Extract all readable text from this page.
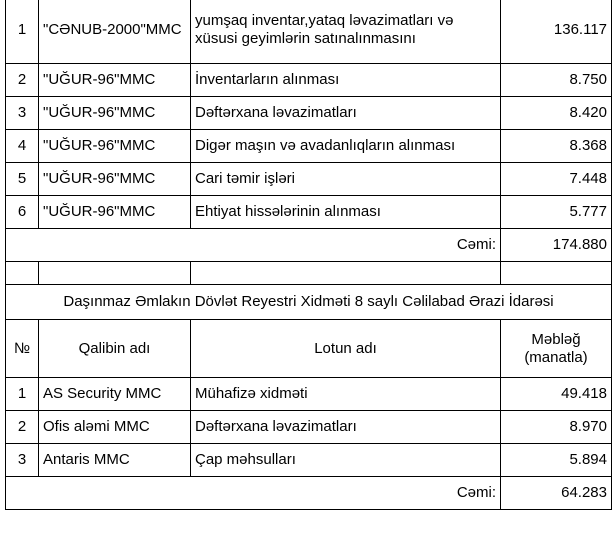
1	"CƏNUB-2000"MMC	yumşaq inventar,yataq ləvazimatları və xüsusi geyimlərin satınalınmasını	136.117
2	"UĞUR-96"MMC	İnventarların alınması	8.750
3	"UĞUR-96"MMC	Dəftərxana ləvazimatları	8.420
4	"UĞUR-96"MMC	Digər maşın və avadanlıqların alınması	8.368
5	"UĞUR-96"MMC	Cari təmir işləri	7.448
6	"UĞUR-96"MMC	Ehtiyat hissələrinin alınması	5.777
Cəmi:			174.880

Daşınmaz Əmlakın Dövlət Reyestri Xidməti 8 saylı Cəlilabad Ərazi İdarəsi			
№	Qalibin adı	Lotun adı	Məbləğ
(manatla)

1	AS Security MMC	Mühafizə xidməti	49.418
2	Ofis aləmi MMC	Dəftərxana ləvazimatları	8.970
3	Antaris MMC	Çap məhsulları	5.894
Cəmi:			64.283
